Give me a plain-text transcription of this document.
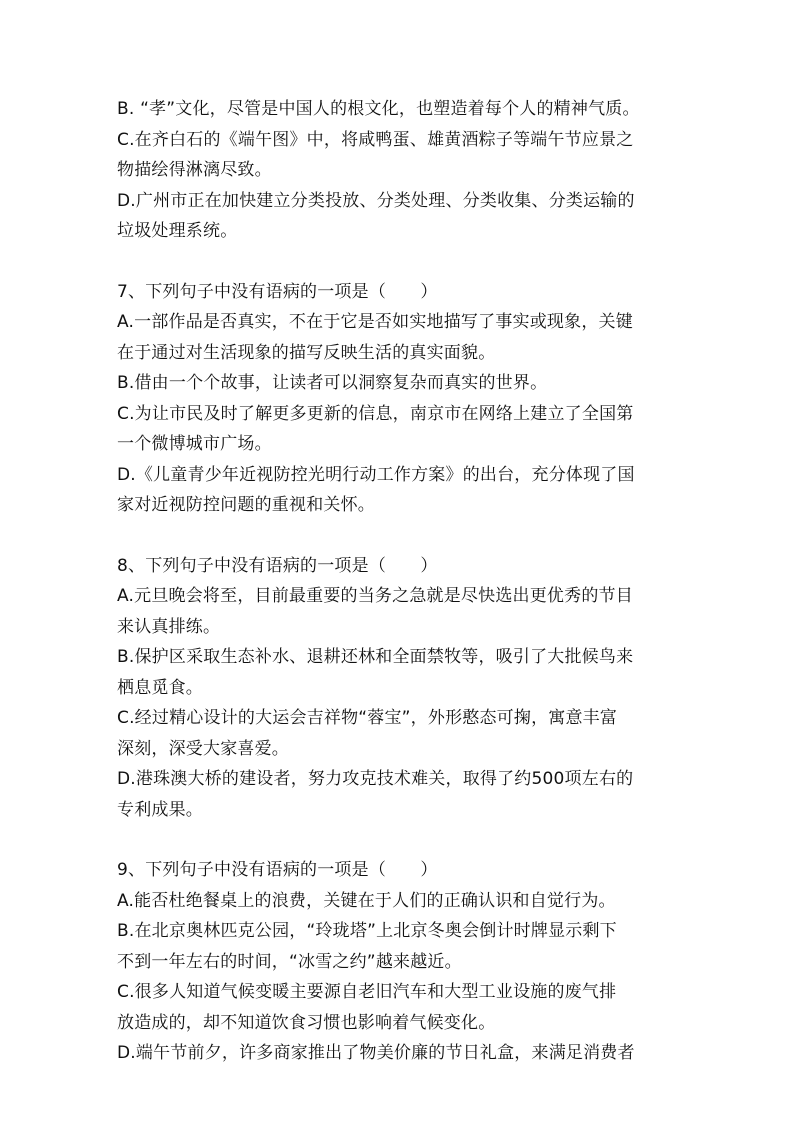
B. “孝”文化，尽管是中国人的根文化，也塑造着每个人的精神气质。
C.在齐白石的《端午图》中，将咸鸭蛋、雄黄酒粽子等端午节应景之
物描绘得淋漓尽致。
D.广州市正在加快建立分类投放、分类处理、分类收集、分类运输的
垃圾处理系统。
7、下列句子中没有语病的一项是（　　）
A.一部作品是否真实，不在于它是否如实地描写了事实或现象，关键
在于通过对生活现象的描写反映生活的真实面貌。
B.借由一个个故事，让读者可以洞察复杂而真实的世界。
C.为让市民及时了解更多更新的信息，南京市在网络上建立了全国第
一个微博城市广场。
D.《儿童青少年近视防控光明行动工作方案》的出台，充分体现了国
家对近视防控问题的重视和关怀。
8、下列句子中没有语病的一项是（　　）
A.元旦晚会将至，目前最重要的当务之急就是尽快选出更优秀的节目
来认真排练。
B.保护区采取生态补水、退耕还林和全面禁牧等，吸引了大批候鸟来
栖息觅食。
C.经过精心设计的大运会吉祥物“蓉宝”，外形憨态可掬，寓意丰富
深刻，深受大家喜爱。
D.港珠澳大桥的建设者，努力攻克技术难关，取得了约500项左右的
专利成果。
9、下列句子中没有语病的一项是（　　）
A.能否杜绝餐桌上的浪费，关键在于人们的正确认识和自觉行为。
B.在北京奥林匹克公园，“玲珑塔”上北京冬奥会倒计时牌显示剩下
不到一年左右的时间，“冰雪之约”越来越近。
C.很多人知道气候变暖主要源自老旧汽车和大型工业设施的废气排
放造成的，却不知道饮食习惯也影响着气候变化。
D.端午节前夕，许多商家推出了物美价廉的节日礼盒，来满足消费者
